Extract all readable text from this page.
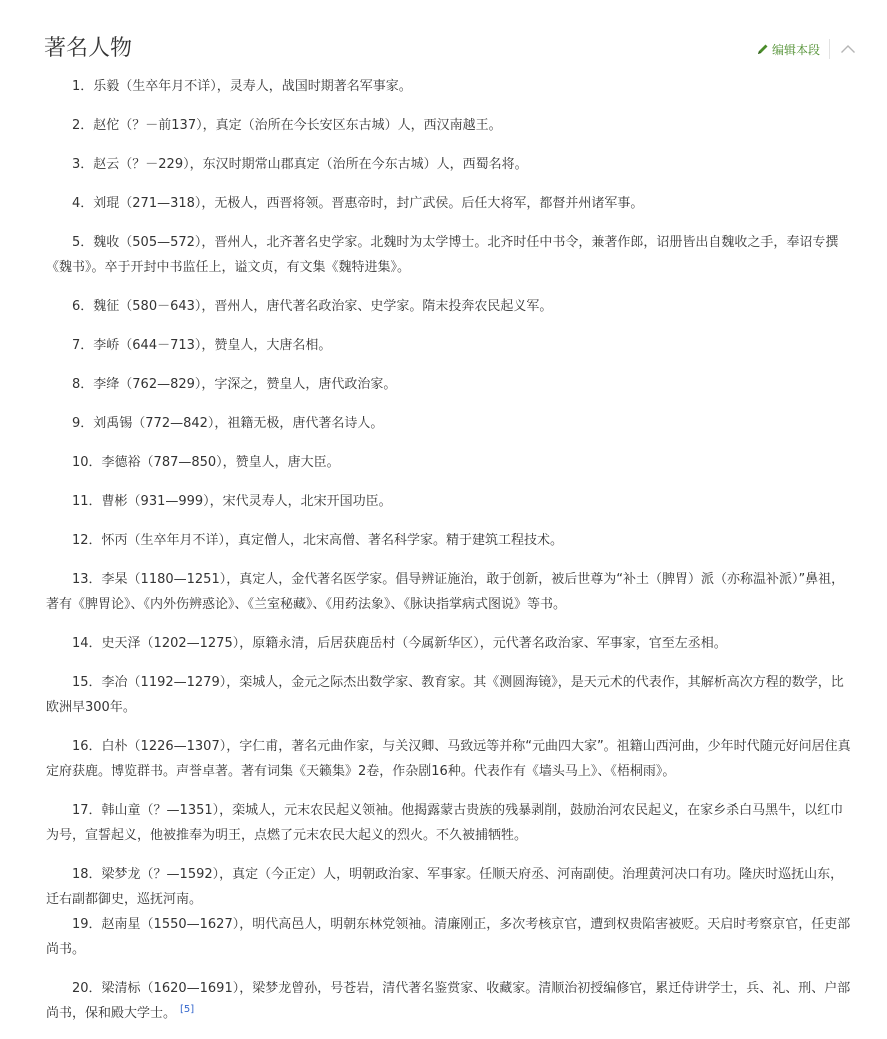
著名人物	编辑本段

1．乐毅（生卒年月不详），灵寿人，战国时期著名军事家。

2．赵佗（？－前137），真定（治所在今长安区东古城）人，西汉南越王。

3．赵云（？－229），东汉时期常山郡真定（治所在今东古城）人，西蜀名将。

4．刘琨（271—318），无极人，西晋将领。晋惠帝时，封广武侯。后任大将军，都督并州诸军事。

5．魏收（505—572），晋州人，北齐著名史学家。北魏时为太学博士。北齐时任中书令，兼著作郎，诏册皆出自魏收之手，奉诏专撰《魏书》。卒于开封中书监任上，谥文贞，有文集《魏特进集》。

6．魏征（580－643），晋州人，唐代著名政治家、史学家。隋末投奔农民起义军。

7．李峤（644－713），赞皇人，大唐名相。

8．李绛（762—829），字深之，赞皇人，唐代政治家。

9．刘禹锡（772—842），祖籍无极，唐代著名诗人。

10．李德裕（787—850），赞皇人，唐大臣。

11．曹彬（931—999），宋代灵寿人，北宋开国功臣。

12．怀丙（生卒年月不详），真定僧人，北宋高僧、著名科学家。精于建筑工程技术。

13．李杲（1180—1251），真定人，金代著名医学家。倡导辨证施治，敢于创新，被后世尊为“补土（脾胃）派（亦称温补派）”鼻祖，著有《脾胃论》、《内外伤辨惑论》、《兰室秘藏》、《用药法象》、《脉诀指掌病式图说》等书。

14．史天泽（1202—1275），原籍永清，后居获鹿岳村（今属新华区），元代著名政治家、军事家，官至左丞相。

15．李冶（1192—1279），栾城人，金元之际杰出数学家、教育家。其《测圆海镜》，是天元术的代表作，其解析高次方程的数学，比欧洲早300年。

16．白朴（1226—1307），字仁甫，著名元曲作家，与关汉卿、马致远等并称“元曲四大家”。祖籍山西河曲，少年时代随元好问居住真定府获鹿。博览群书。声誉卓著。著有词集《天籁集》2卷，作杂剧16种。代表作有《墙头马上》、《梧桐雨》。

17．韩山童（？—1351），栾城人，元末农民起义领袖。他揭露蒙古贵族的残暴剥削，鼓励治河农民起义，在家乡杀白马黑牛，以红巾为号，宣誓起义，他被推奉为明王，点燃了元末农民大起义的烈火。不久被捕牺牲。

18．梁梦龙（？—1592），真定（今正定）人，明朝政治家、军事家。任顺天府丞、河南副使。治理黄河决口有功。隆庆时巡抚山东，迁右副都御史，巡抚河南。

19．赵南星（1550—1627），明代高邑人，明朝东林党领袖。清廉刚正，多次考核京官，遭到权贵陷害被贬。天启时考察京官，任吏部尚书。

20．梁清标（1620—1691），梁梦龙曾孙，号苍岩，清代著名鉴赏家、收藏家。清顺治初授编修官，累迁侍讲学士，兵、礼、刑、户部尚书，保和殿大学士。 [5]
